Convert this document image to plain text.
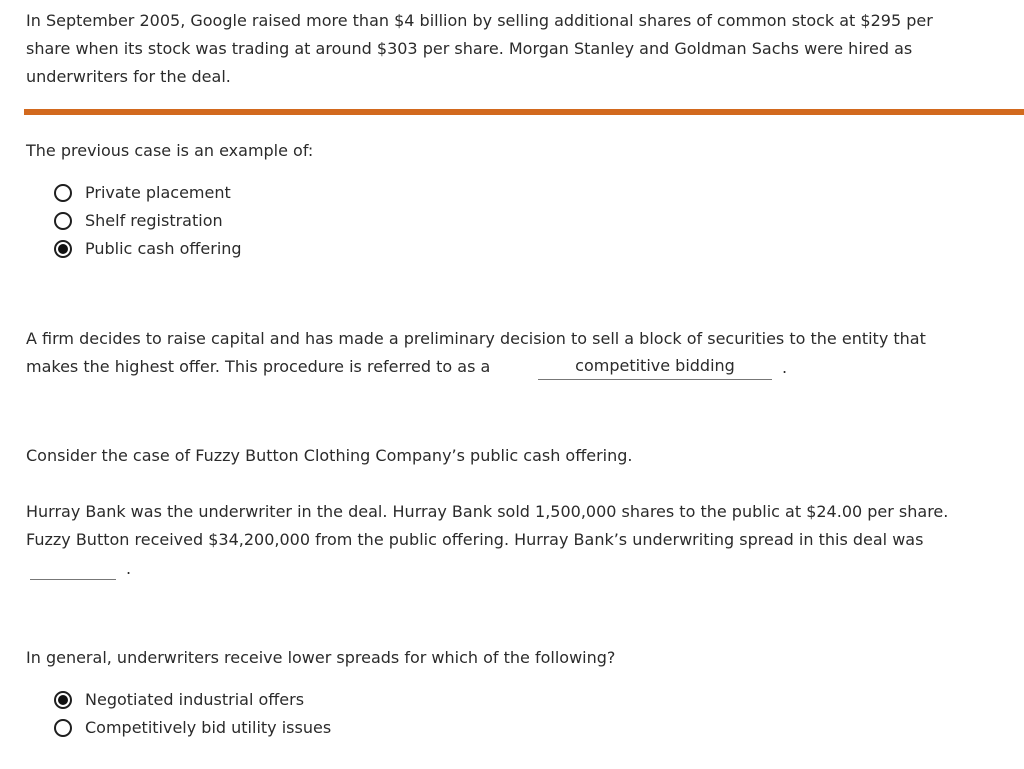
In September 2005, Google raised more than $4 billion by selling additional shares of common stock at $295 per
share when its stock was trading at around $303 per share. Morgan Stanley and Goldman Sachs were hired as
underwriters for the deal.
The previous case is an example of:
Private placement
Shelf registration
Public cash offering
A firm decides to raise capital and has made a preliminary decision to sell a block of securities to the entity that
makes the highest offer. This procedure is referred to as a	competitive bidding	.
Consider the case of Fuzzy Button Clothing Company’s public cash offering.
Hurray Bank was the underwriter in the deal. Hurray Bank sold 1,500,000 shares to the public at $24.00 per share.
Fuzzy Button received $34,200,000 from the public offering. Hurray Bank’s underwriting spread in this deal was
.
In general, underwriters receive lower spreads for which of the following?
Negotiated industrial offers
Competitively bid utility issues
